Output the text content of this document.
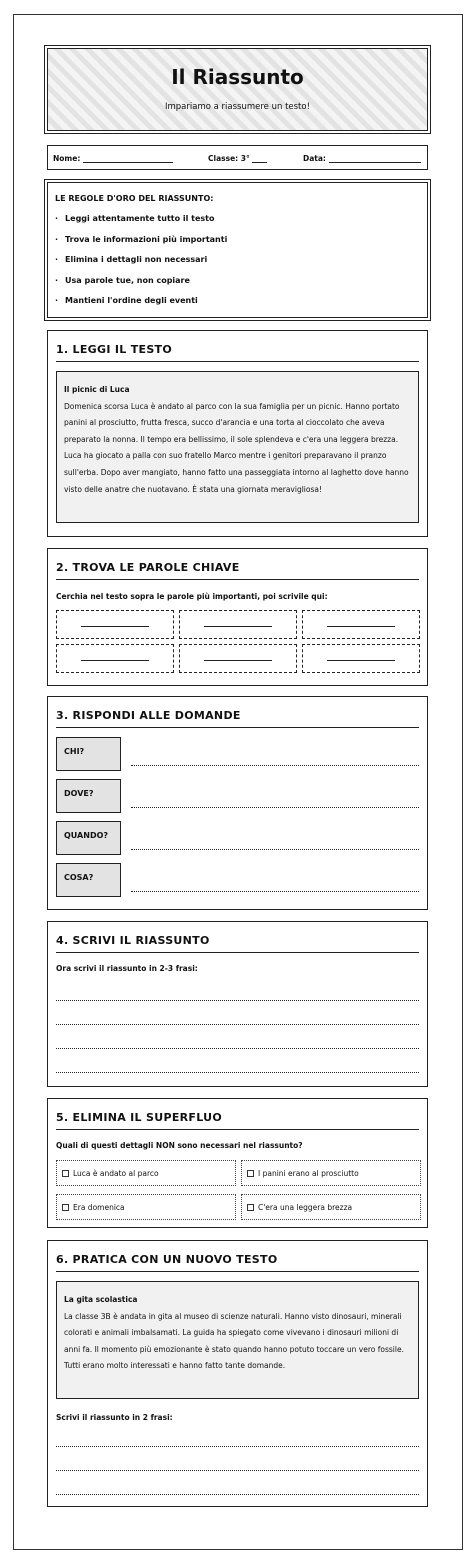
Il Riassunto
Impariamo a riassumere un testo!
Nome:	Classe: 3°	Data:
LE REGOLE D'ORO DEL RIASSUNTO:
· Leggi attentamente tutto il testo
· Trova le informazioni più importanti
· Elimina i dettagli non necessari
· Usa parole tue, non copiare
· Mantieni l'ordine degli eventi
1. LEGGI IL TESTO
Il picnic di Luca
Domenica scorsa Luca è andato al parco con la sua famiglia per un picnic. Hanno portato panini al prosciutto, frutta fresca, succo d'arancia e una torta al cioccolato che aveva preparato la nonna. Il tempo era bellissimo, il sole splendeva e c'era una leggera brezza. Luca ha giocato a palla con suo fratello Marco mentre i genitori preparavano il pranzo sull'erba. Dopo aver mangiato, hanno fatto una passeggiata intorno al laghetto dove hanno visto delle anatre che nuotavano. È stata una giornata meravigliosa!
2. TROVA LE PAROLE CHIAVE
Cerchia nel testo sopra le parole più importanti, poi scrivile qui:
3. RISPONDI ALLE DOMANDE
CHI?
DOVE?
QUANDO?
COSA?
4. SCRIVI IL RIASSUNTO
Ora scrivi il riassunto in 2-3 frasi:
5. ELIMINA IL SUPERFLUO
Quali di questi dettagli NON sono necessari nel riassunto?
Luca è andato al parco	I panini erano al prosciutto
Era domenica	C'era una leggera brezza
6. PRATICA CON UN NUOVO TESTO
La gita scolastica
La classe 3B è andata in gita al museo di scienze naturali. Hanno visto dinosauri, minerali colorati e animali imbalsamati. La guida ha spiegato come vivevano i dinosauri milioni di anni fa. Il momento più emozionante è stato quando hanno potuto toccare un vero fossile. Tutti erano molto interessati e hanno fatto tante domande.
Scrivi il riassunto in 2 frasi:
